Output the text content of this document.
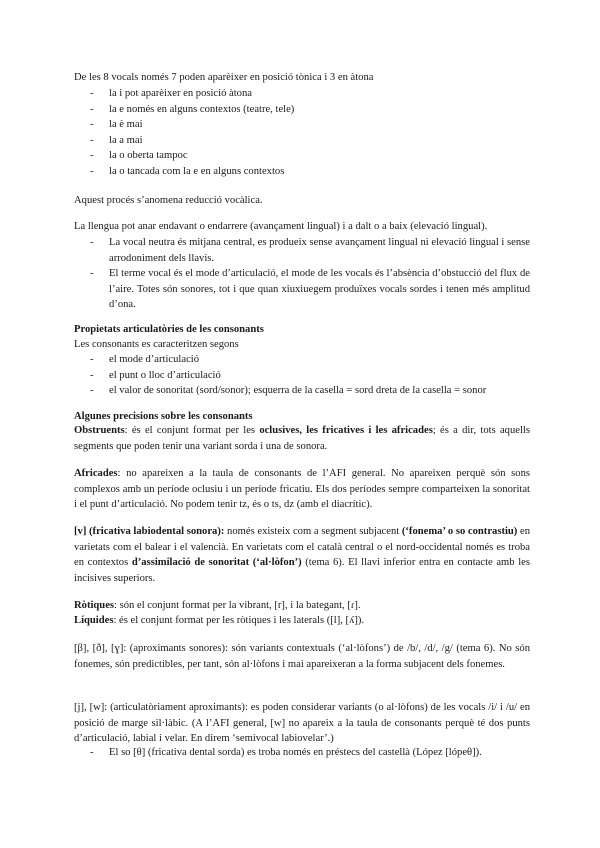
De les 8 vocals només 7 poden aparèixer en posició tònica i 3 en àtona

- la i pot aparèixer en posició àtona
- la e només en alguns contextos (teatre, tele)
- la è mai
- la a mai
- la o oberta tampoc
- la o tancada com la e en alguns contextos

Aquest procés s’anomena reducció vocàlica.

La llengua pot anar endavant o endarrere (avançament lingual) i a dalt o a baix (elevació lingual).

- La vocal neutra és mitjana central, es produeix sense avançament lingual ni elevació lingual i sense arrodoniment dels llavis.
- El terme vocal és el mode d’articulació, el mode de les vocals és l’absència d’obstucció del flux de l’aire. Totes són sonores, tot i que quan xiuxiuegem produïxes vocals sordes i tenen més amplitud d’ona.

Propietats articulatòries de les consonants

Les consonants es caracteritzen segons

- el mode d’articulació
- el punt o lloc d’articulació
- el valor de sonoritat (sord/sonor); esquerra de la casella = sord dreta de la casella = sonor

Algunes precisions sobre les consonants

Obstruents: és el conjunt format per les oclusives, les fricatives i les africades; és a dir, tots aquells segments que poden tenir una variant sorda i una de sonora.

Africades: no apareixen a la taula de consonants de l’AFI general. No apareixen perquè són sons complexos amb un període oclusiu i un període fricatiu. Els dos períodes sempre comparteixen la sonoritat i el punt d’articulació. No podem tenir tz, és o ts, dz (amb el diacrític).

[v] (fricativa labiodental sonora): només existeix com a segment subjacent (‘fonema’ o so contrastiu) en varietats com el balear i el valencià. En varietats com el català central o el nord-occidental només es troba en contextos d’assimilació de sonoritat (‘al·lòfon’) (tema 6). El llavi inferior entra en contacte amb les incisives superiors.

Ròtiques: són el conjunt format per la vibrant, [r], i la bategant, [ɾ].

Líquides: és el conjunt format per les ròtiques i les laterals ([l], [ʎ]).

[β], [ð], [ɣ]: (aproximants sonores): són variants contextuals (‘al·lòfons’) de /b/, /d/, /g/ (tema 6). No són fonemes, són predictibles, per tant, són al·lòfons i mai apareixeran a la forma subjacent dels fonemes.

[j], [w]: (articulatòriament aproximants): es poden considerar variants (o al·lòfons) de les vocals /i/ i /u/ en posició de marge sil·làbic. (A l’AFI general, [w] no apareix a la taula de consonants perquè té dos punts d’articulació, labial i velar. En direm ‘semivocal labiovelar’.)

- El so [θ] (fricativa dental sorda) es troba només en préstecs del castellà (López [lópeθ]).
